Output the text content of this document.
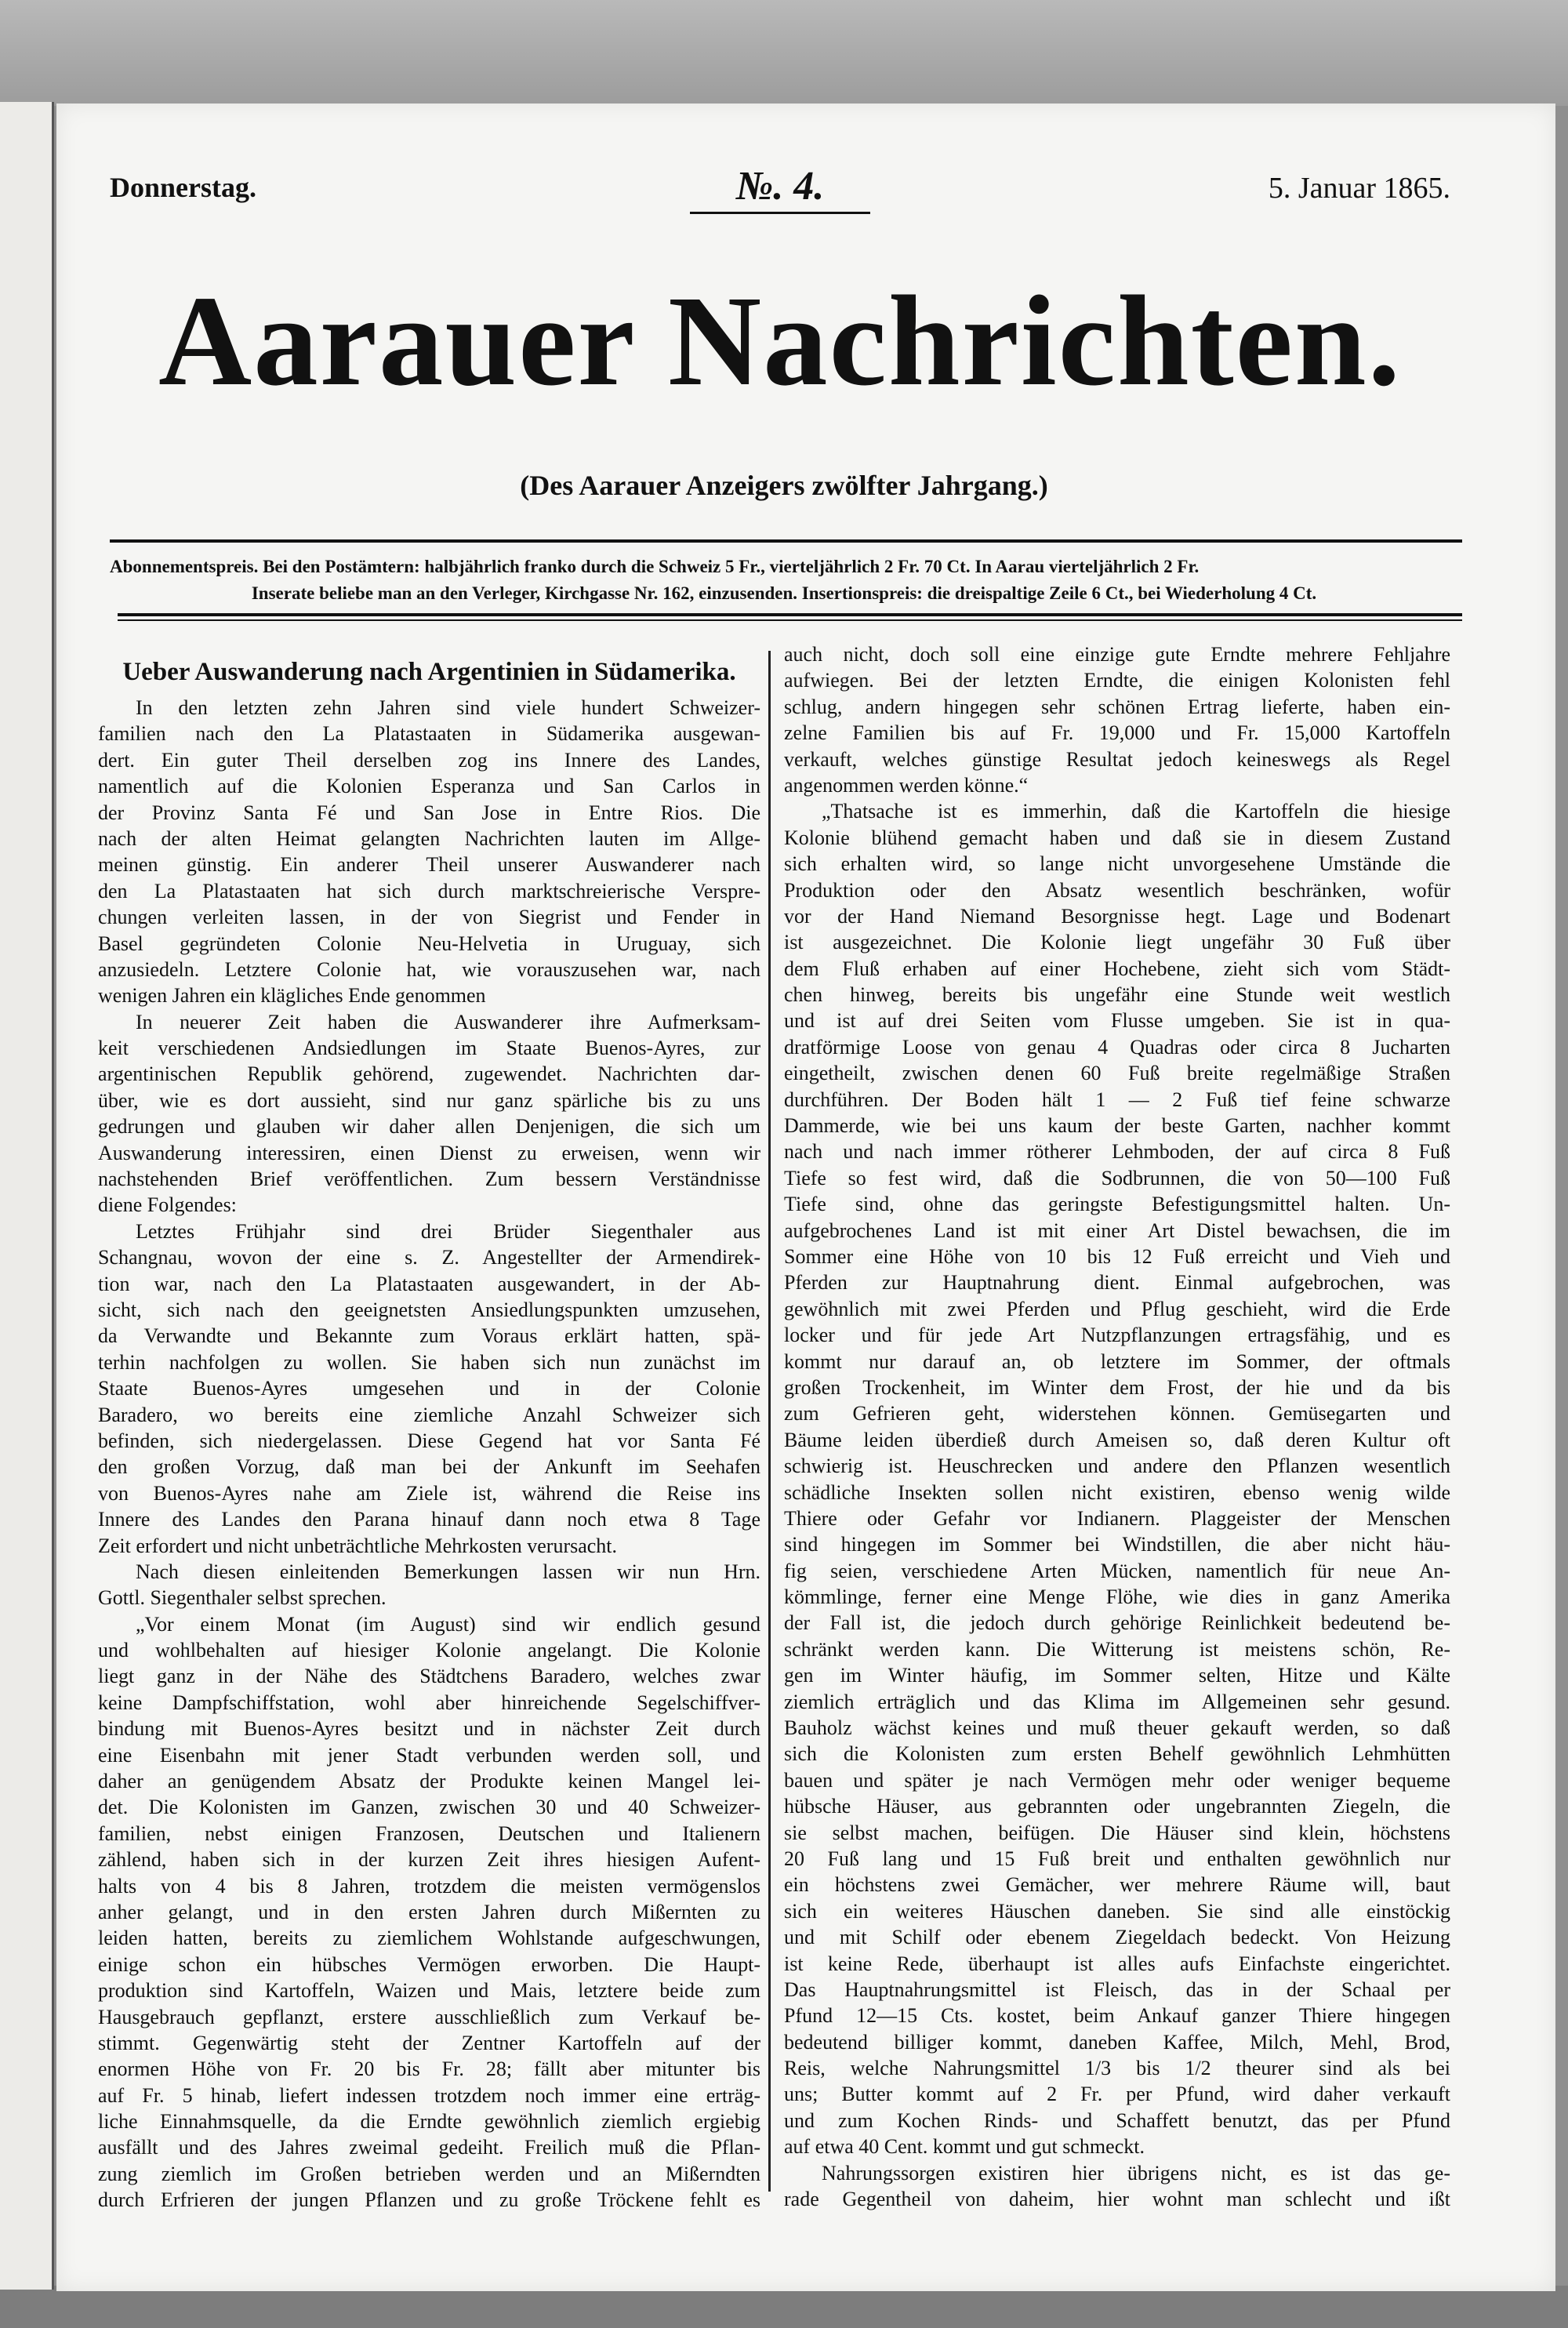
Donnerstag.	№. 4.	5. Januar 1865.
Aarauer Nachrichten.
(Des Aarauer Anzeigers zwölfter Jahrgang.)
Abonnementspreis. Bei den Postämtern: halbjährlich franko durch die Schweiz 5 Fr., vierteljährlich 2 Fr. 70 Ct. In Aarau vierteljährlich 2 Fr.
Inserate beliebe man an den Verleger, Kirchgasse Nr. 162, einzusenden. Insertionspreis: die dreispaltige Zeile 6 Ct., bei Wiederholung 4 Ct.
Ueber Auswanderung nach Argentinien in Südamerika.
In den letzten zehn Jahren sind viele hundert Schweizer-
familien nach den La Platastaaten in Südamerika ausgewan-
dert. Ein guter Theil derselben zog ins Innere des Landes,
namentlich auf die Kolonien Esperanza und San Carlos in
der Provinz Santa Fé und San Jose in Entre Rios. Die
nach der alten Heimat gelangten Nachrichten lauten im Allge-
meinen günstig. Ein anderer Theil unserer Auswanderer nach
den La Platastaaten hat sich durch marktschreierische Verspre-
chungen verleiten lassen, in der von Siegrist und Fender in
Basel gegründeten Colonie Neu-Helvetia in Uruguay, sich
anzusiedeln. Letztere Colonie hat, wie vorauszusehen war, nach
wenigen Jahren ein klägliches Ende genommen
In neuerer Zeit haben die Auswanderer ihre Aufmerksam-
keit verschiedenen Andsiedlungen im Staate Buenos-Ayres, zur
argentinischen Republik gehörend, zugewendet. Nachrichten dar-
über, wie es dort aussieht, sind nur ganz spärliche bis zu uns
gedrungen und glauben wir daher allen Denjenigen, die sich um
Auswanderung interessiren, einen Dienst zu erweisen, wenn wir
nachstehenden Brief veröffentlichen. Zum bessern Verständnisse
diene Folgendes:
Letztes Frühjahr sind drei Brüder Siegenthaler aus
Schangnau, wovon der eine s. Z. Angestellter der Armendirek-
tion war, nach den La Platastaaten ausgewandert, in der Ab-
sicht, sich nach den geeignetsten Ansiedlungspunkten umzusehen,
da Verwandte und Bekannte zum Voraus erklärt hatten, spä-
terhin nachfolgen zu wollen. Sie haben sich nun zunächst im
Staate Buenos-Ayres umgesehen und in der Colonie
Baradero, wo bereits eine ziemliche Anzahl Schweizer sich
befinden, sich niedergelassen. Diese Gegend hat vor Santa Fé
den großen Vorzug, daß man bei der Ankunft im Seehafen
von Buenos-Ayres nahe am Ziele ist, während die Reise ins
Innere des Landes den Parana hinauf dann noch etwa 8 Tage
Zeit erfordert und nicht unbeträchtliche Mehrkosten verursacht.
Nach diesen einleitenden Bemerkungen lassen wir nun Hrn.
Gottl. Siegenthaler selbst sprechen.
„Vor einem Monat (im August) sind wir endlich gesund
und wohlbehalten auf hiesiger Kolonie angelangt. Die Kolonie
liegt ganz in der Nähe des Städtchens Baradero, welches zwar
keine Dampfschiffstation, wohl aber hinreichende Segelschiffver-
bindung mit Buenos-Ayres besitzt und in nächster Zeit durch
eine Eisenbahn mit jener Stadt verbunden werden soll, und
daher an genügendem Absatz der Produkte keinen Mangel lei-
det. Die Kolonisten im Ganzen, zwischen 30 und 40 Schweizer-
familien, nebst einigen Franzosen, Deutschen und Italienern
zählend, haben sich in der kurzen Zeit ihres hiesigen Aufent-
halts von 4 bis 8 Jahren, trotzdem die meisten vermögenslos
anher gelangt, und in den ersten Jahren durch Mißernten zu
leiden hatten, bereits zu ziemlichem Wohlstande aufgeschwungen,
einige schon ein hübsches Vermögen erworben. Die Haupt-
produktion sind Kartoffeln, Waizen und Mais, letztere beide zum
Hausgebrauch gepflanzt, erstere ausschließlich zum Verkauf be-
stimmt. Gegenwärtig steht der Zentner Kartoffeln auf der
enormen Höhe von Fr. 20 bis Fr. 28; fällt aber mitunter bis
auf Fr. 5 hinab, liefert indessen trotzdem noch immer eine erträg-
liche Einnahmsquelle, da die Erndte gewöhnlich ziemlich ergiebig
ausfällt und des Jahres zweimal gedeiht. Freilich muß die Pflan-
zung ziemlich im Großen betrieben werden und an Mißerndten
durch Erfrieren der jungen Pflanzen und zu große Tröckene fehlt es
auch nicht, doch soll eine einzige gute Erndte mehrere Fehljahre
aufwiegen. Bei der letzten Erndte, die einigen Kolonisten fehl
schlug, andern hingegen sehr schönen Ertrag lieferte, haben ein-
zelne Familien bis auf Fr. 19,000 und Fr. 15,000 Kartoffeln
verkauft, welches günstige Resultat jedoch keineswegs als Regel
angenommen werden könne.“
„Thatsache ist es immerhin, daß die Kartoffeln die hiesige
Kolonie blühend gemacht haben und daß sie in diesem Zustand
sich erhalten wird, so lange nicht unvorgesehene Umstände die
Produktion oder den Absatz wesentlich beschränken, wofür
vor der Hand Niemand Besorgnisse hegt. Lage und Bodenart
ist ausgezeichnet. Die Kolonie liegt ungefähr 30 Fuß über
dem Fluß erhaben auf einer Hochebene, zieht sich vom Städt-
chen hinweg, bereits bis ungefähr eine Stunde weit westlich
und ist auf drei Seiten vom Flusse umgeben. Sie ist in qua-
dratförmige Loose von genau 4 Quadras oder circa 8 Jucharten
eingetheilt, zwischen denen 60 Fuß breite regelmäßige Straßen
durchführen. Der Boden hält 1 — 2 Fuß tief feine schwarze
Dammerde, wie bei uns kaum der beste Garten, nachher kommt
nach und nach immer rötherer Lehmboden, der auf circa 8 Fuß
Tiefe so fest wird, daß die Sodbrunnen, die von 50—100 Fuß
Tiefe sind, ohne das geringste Befestigungsmittel halten. Un-
aufgebrochenes Land ist mit einer Art Distel bewachsen, die im
Sommer eine Höhe von 10 bis 12 Fuß erreicht und Vieh und
Pferden zur Hauptnahrung dient. Einmal aufgebrochen, was
gewöhnlich mit zwei Pferden und Pflug geschieht, wird die Erde
locker und für jede Art Nutzpflanzungen ertragsfähig, und es
kommt nur darauf an, ob letztere im Sommer, der oftmals
großen Trockenheit, im Winter dem Frost, der hie und da bis
zum Gefrieren geht, widerstehen können. Gemüsegarten und
Bäume leiden überdieß durch Ameisen so, daß deren Kultur oft
schwierig ist. Heuschrecken und andere den Pflanzen wesentlich
schädliche Insekten sollen nicht existiren, ebenso wenig wilde
Thiere oder Gefahr vor Indianern. Plaggeister der Menschen
sind hingegen im Sommer bei Windstillen, die aber nicht häu-
fig seien, verschiedene Arten Mücken, namentlich für neue An-
kömmlinge, ferner eine Menge Flöhe, wie dies in ganz Amerika
der Fall ist, die jedoch durch gehörige Reinlichkeit bedeutend be-
schränkt werden kann. Die Witterung ist meistens schön, Re-
gen im Winter häufig, im Sommer selten, Hitze und Kälte
ziemlich erträglich und das Klima im Allgemeinen sehr gesund.
Bauholz wächst keines und muß theuer gekauft werden, so daß
sich die Kolonisten zum ersten Behelf gewöhnlich Lehmhütten
bauen und später je nach Vermögen mehr oder weniger bequeme
hübsche Häuser, aus gebrannten oder ungebrannten Ziegeln, die
sie selbst machen, beifügen. Die Häuser sind klein, höchstens
20 Fuß lang und 15 Fuß breit und enthalten gewöhnlich nur
ein höchstens zwei Gemächer, wer mehrere Räume will, baut
sich ein weiteres Häuschen daneben. Sie sind alle einstöckig
und mit Schilf oder ebenem Ziegeldach bedeckt. Von Heizung
ist keine Rede, überhaupt ist alles aufs Einfachste eingerichtet.
Das Hauptnahrungsmittel ist Fleisch, das in der Schaal per
Pfund 12—15 Cts. kostet, beim Ankauf ganzer Thiere hingegen
bedeutend billiger kommt, daneben Kaffee, Milch, Mehl, Brod,
Reis, welche Nahrungsmittel 1/3 bis 1/2 theurer sind als bei
uns; Butter kommt auf 2 Fr. per Pfund, wird daher verkauft
und zum Kochen Rinds- und Schaffett benutzt, das per Pfund
auf etwa 40 Cent. kommt und gut schmeckt.
Nahrungssorgen existiren hier übrigens nicht, es ist das ge-
rade Gegentheil von daheim, hier wohnt man schlecht und ißt
